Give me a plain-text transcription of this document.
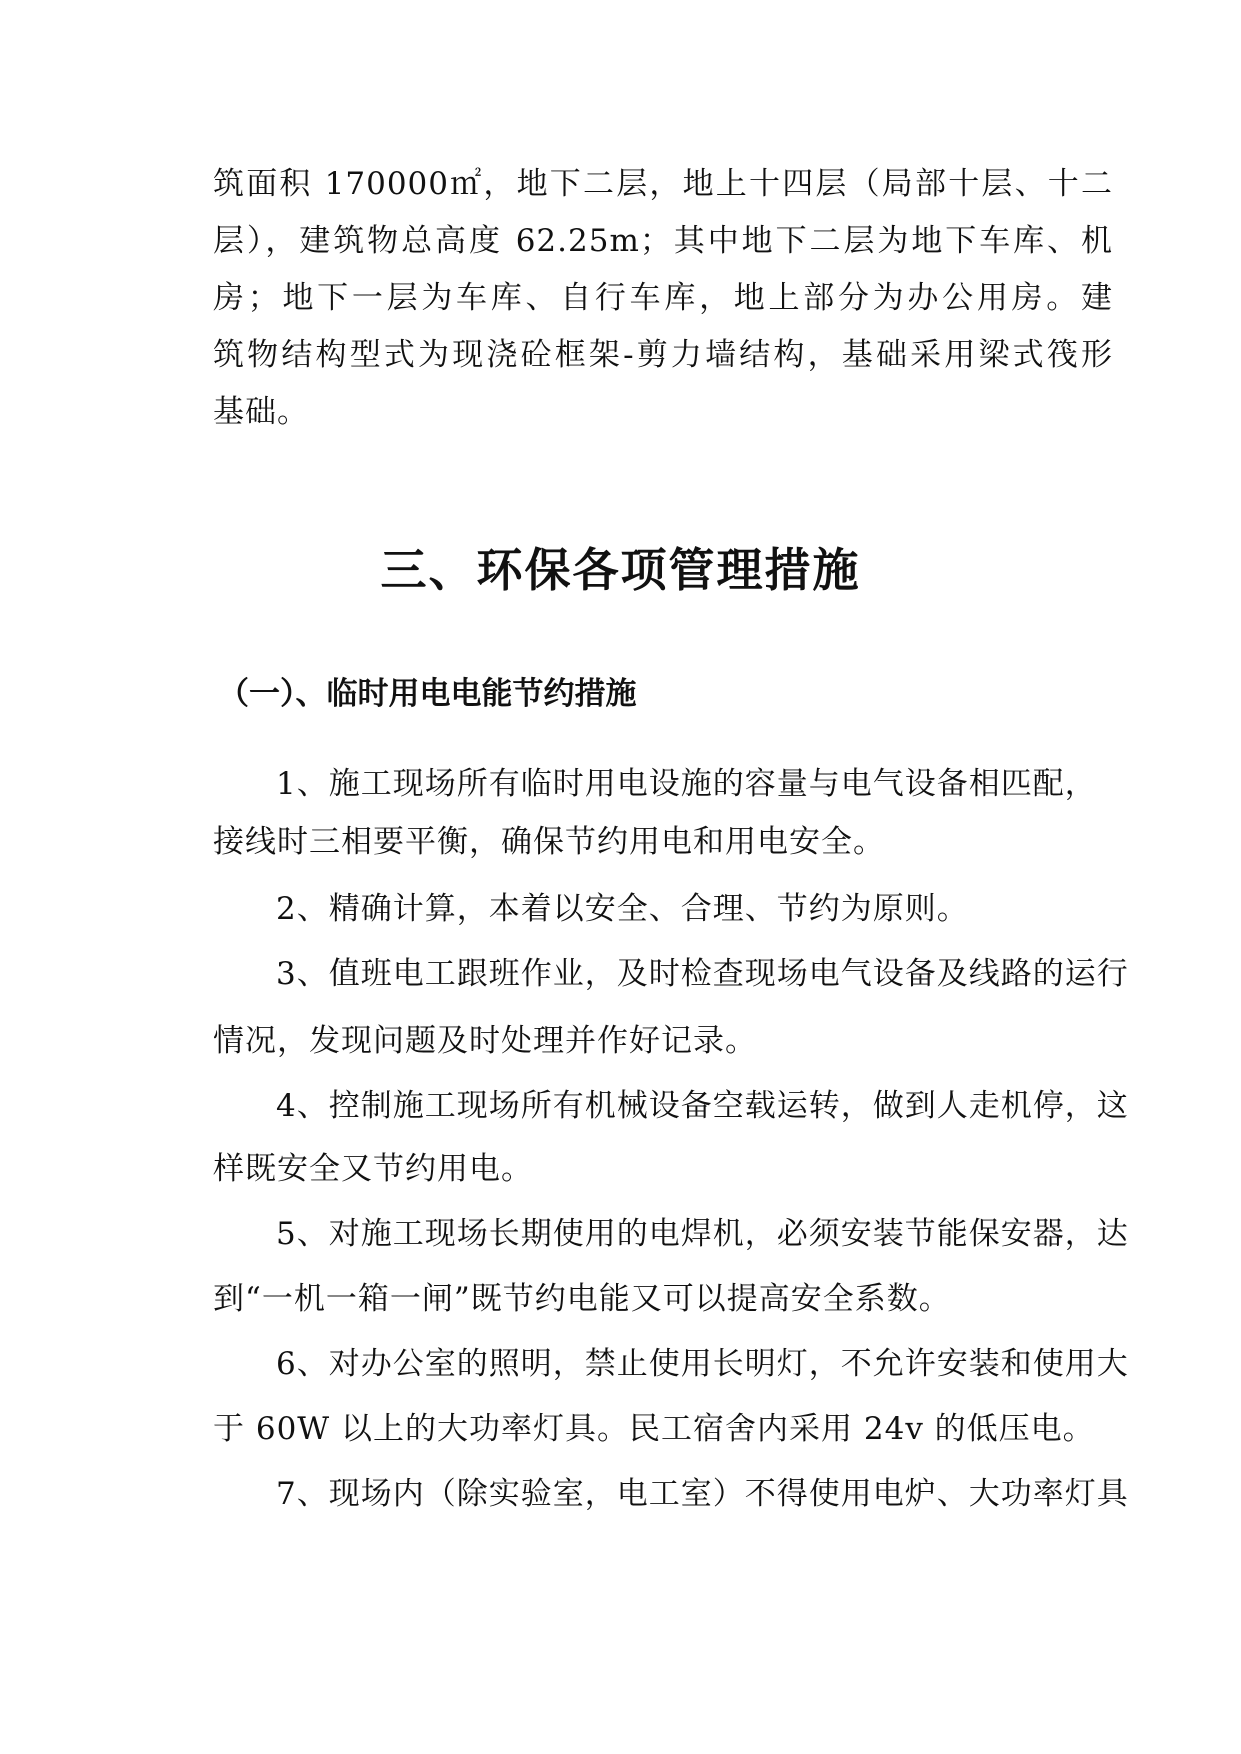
筑面积 170000㎡，地下二层，地上十四层（局部十层、十二
层），建筑物总高度 62.25m；其中地下二层为地下车库、机
房；地下一层为车库、自行车库，地上部分为办公用房。建
筑物结构型式为现浇砼框架-剪力墙结构，基础采用梁式筏形
基础。
三、环保各项管理措施
（一）、临时用电电能节约措施
1、施工现场所有临时用电设施的容量与电气设备相匹配，
接线时三相要平衡，确保节约用电和用电安全。
2、精确计算，本着以安全、合理、节约为原则。
3、值班电工跟班作业，及时检查现场电气设备及线路的运行
情况，发现问题及时处理并作好记录。
4、控制施工现场所有机械设备空载运转，做到人走机停，这
样既安全又节约用电。
5、对施工现场长期使用的电焊机，必须安装节能保安器，达
到“一机一箱一闸”既节约电能又可以提高安全系数。
6、对办公室的照明，禁止使用长明灯，不允许安装和使用大
于 60W 以上的大功率灯具。民工宿舍内采用 24v 的低压电。
7、现场内（除实验室，电工室）不得使用电炉、大功率灯具
